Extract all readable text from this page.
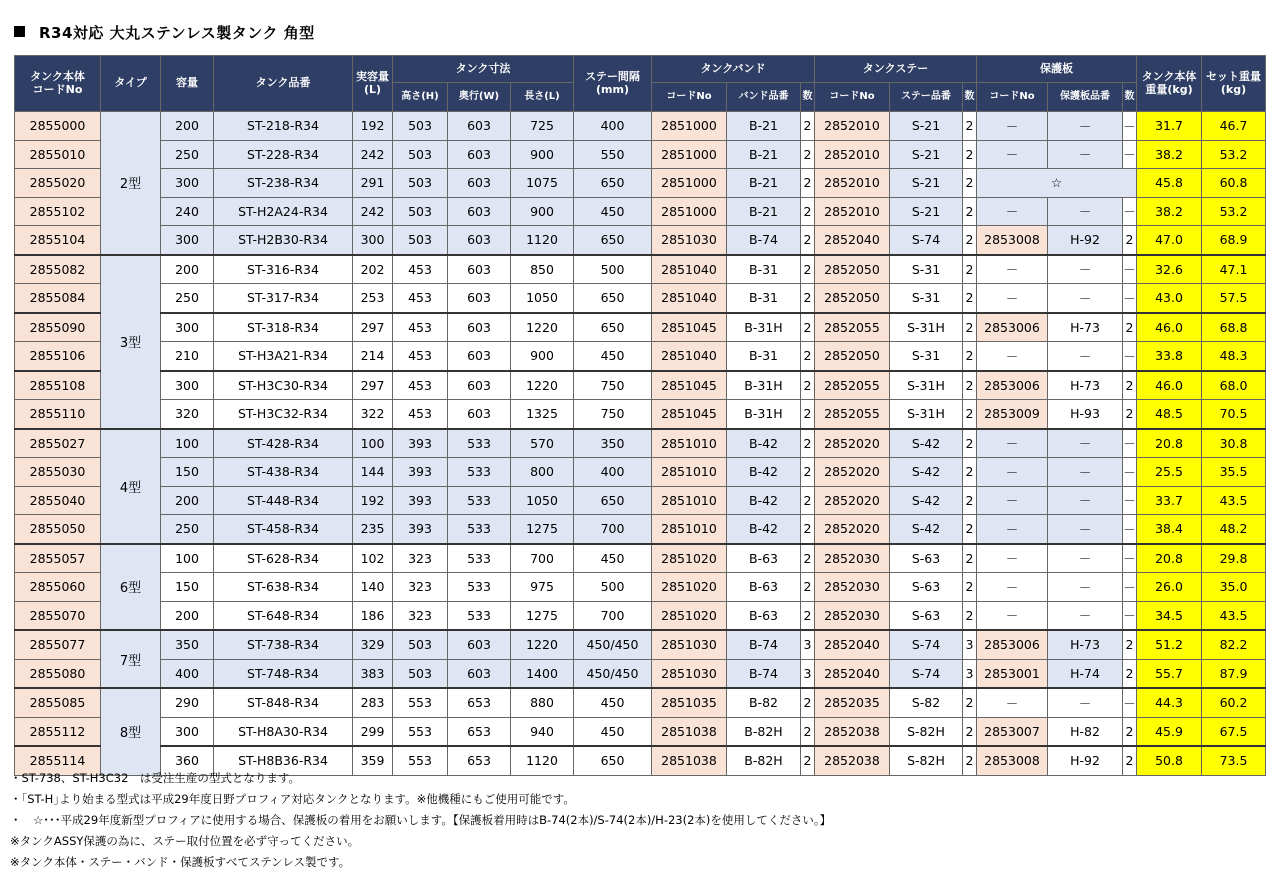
R34対応 大丸ステンレス製タンク 角型
タンク本体
コードNo	タイプ	容量	タンク品番	実容量
(L)	タンク寸法			ステー間隔
(mm)	タンクバンド			タンクステー			保護板			タンク本体
重量(kg)	セット重量
(kg)
					高さ(H)	奥行(W)	長さ(L)		コードNo	バンド品番	数	コードNo	ステー品番	数	コードNo	保護板品番	数		
2855000	2型	200	ST-218-R34	192	503	603	725	400	2851000	B-21	2	2852010	S-21	2	－	－	－	31.7	46.7
2855010		250	ST-228-R34	242	503	603	900	550	2851000	B-21	2	2852010	S-21	2	－	－	－	38.2	53.2
2855020		300	ST-238-R34	291	503	603	1075	650	2851000	B-21	2	2852010	S-21	2	☆			45.8	60.8
2855102		240	ST-H2A24-R34	242	503	603	900	450	2851000	B-21	2	2852010	S-21	2	－	－	－	38.2	53.2
2855104		300	ST-H2B30-R34	300	503	603	1120	650	2851030	B-74	2	2852040	S-74	2	2853008	H-92	2	47.0	68.9
2855082	3型	200	ST-316-R34	202	453	603	850	500	2851040	B-31	2	2852050	S-31	2	－	－	－	32.6	47.1
2855084		250	ST-317-R34	253	453	603	1050	650	2851040	B-31	2	2852050	S-31	2	－	－	－	43.0	57.5
2855090		300	ST-318-R34	297	453	603	1220	650	2851045	B-31H	2	2852055	S-31H	2	2853006	H-73	2	46.0	68.8
2855106		210	ST-H3A21-R34	214	453	603	900	450	2851040	B-31	2	2852050	S-31	2	－	－	－	33.8	48.3
2855108		300	ST-H3C30-R34	297	453	603	1220	750	2851045	B-31H	2	2852055	S-31H	2	2853006	H-73	2	46.0	68.0
2855110		320	ST-H3C32-R34	322	453	603	1325	750	2851045	B-31H	2	2852055	S-31H	2	2853009	H-93	2	48.5	70.5
2855027	4型	100	ST-428-R34	100	393	533	570	350	2851010	B-42	2	2852020	S-42	2	－	－	－	20.8	30.8
2855030		150	ST-438-R34	144	393	533	800	400	2851010	B-42	2	2852020	S-42	2	－	－	－	25.5	35.5
2855040		200	ST-448-R34	192	393	533	1050	650	2851010	B-42	2	2852020	S-42	2	－	－	－	33.7	43.5
2855050		250	ST-458-R34	235	393	533	1275	700	2851010	B-42	2	2852020	S-42	2	－	－	－	38.4	48.2
2855057	6型	100	ST-628-R34	102	323	533	700	450	2851020	B-63	2	2852030	S-63	2	－	－	－	20.8	29.8
2855060		150	ST-638-R34	140	323	533	975	500	2851020	B-63	2	2852030	S-63	2	－	－	－	26.0	35.0
2855070		200	ST-648-R34	186	323	533	1275	700	2851020	B-63	2	2852030	S-63	2	－	－	－	34.5	43.5
2855077	7型	350	ST-738-R34	329	503	603	1220	450/450	2851030	B-74	3	2852040	S-74	3	2853006	H-73	2	51.2	82.2
2855080		400	ST-748-R34	383	503	603	1400	450/450	2851030	B-74	3	2852040	S-74	3	2853001	H-74	2	55.7	87.9
2855085	8型	290	ST-848-R34	283	553	653	880	450	2851035	B-82	2	2852035	S-82	2	－	－	－	44.3	60.2
2855112		300	ST-H8A30-R34	299	553	653	940	450	2851038	B-82H	2	2852038	S-82H	2	2853007	H-82	2	45.9	67.5
2855114		360	ST-H8B36-R34	359	553	653	1120	650	2851038	B-82H	2	2852038	S-82H	2	2853008	H-92	2	50.8	73.5
・ST-738、ST-H3C32　は受注生産の型式となります。
・｢ST-H｣より始まる型式は平成29年度日野プロフィア対応タンクとなります。※他機種にもご使用可能です。
・　☆･･･平成29年度新型プロフィアに使用する場合、保護板の着用をお願いします。【保護板着用時はB-74(2本)/S-74(2本)/H-23(2本)を使用してください。】
※タンクASSY保護の為に、ステー取付位置を必ず守ってください。
※タンク本体・ステー・バンド・保護板すべてステンレス製です。
